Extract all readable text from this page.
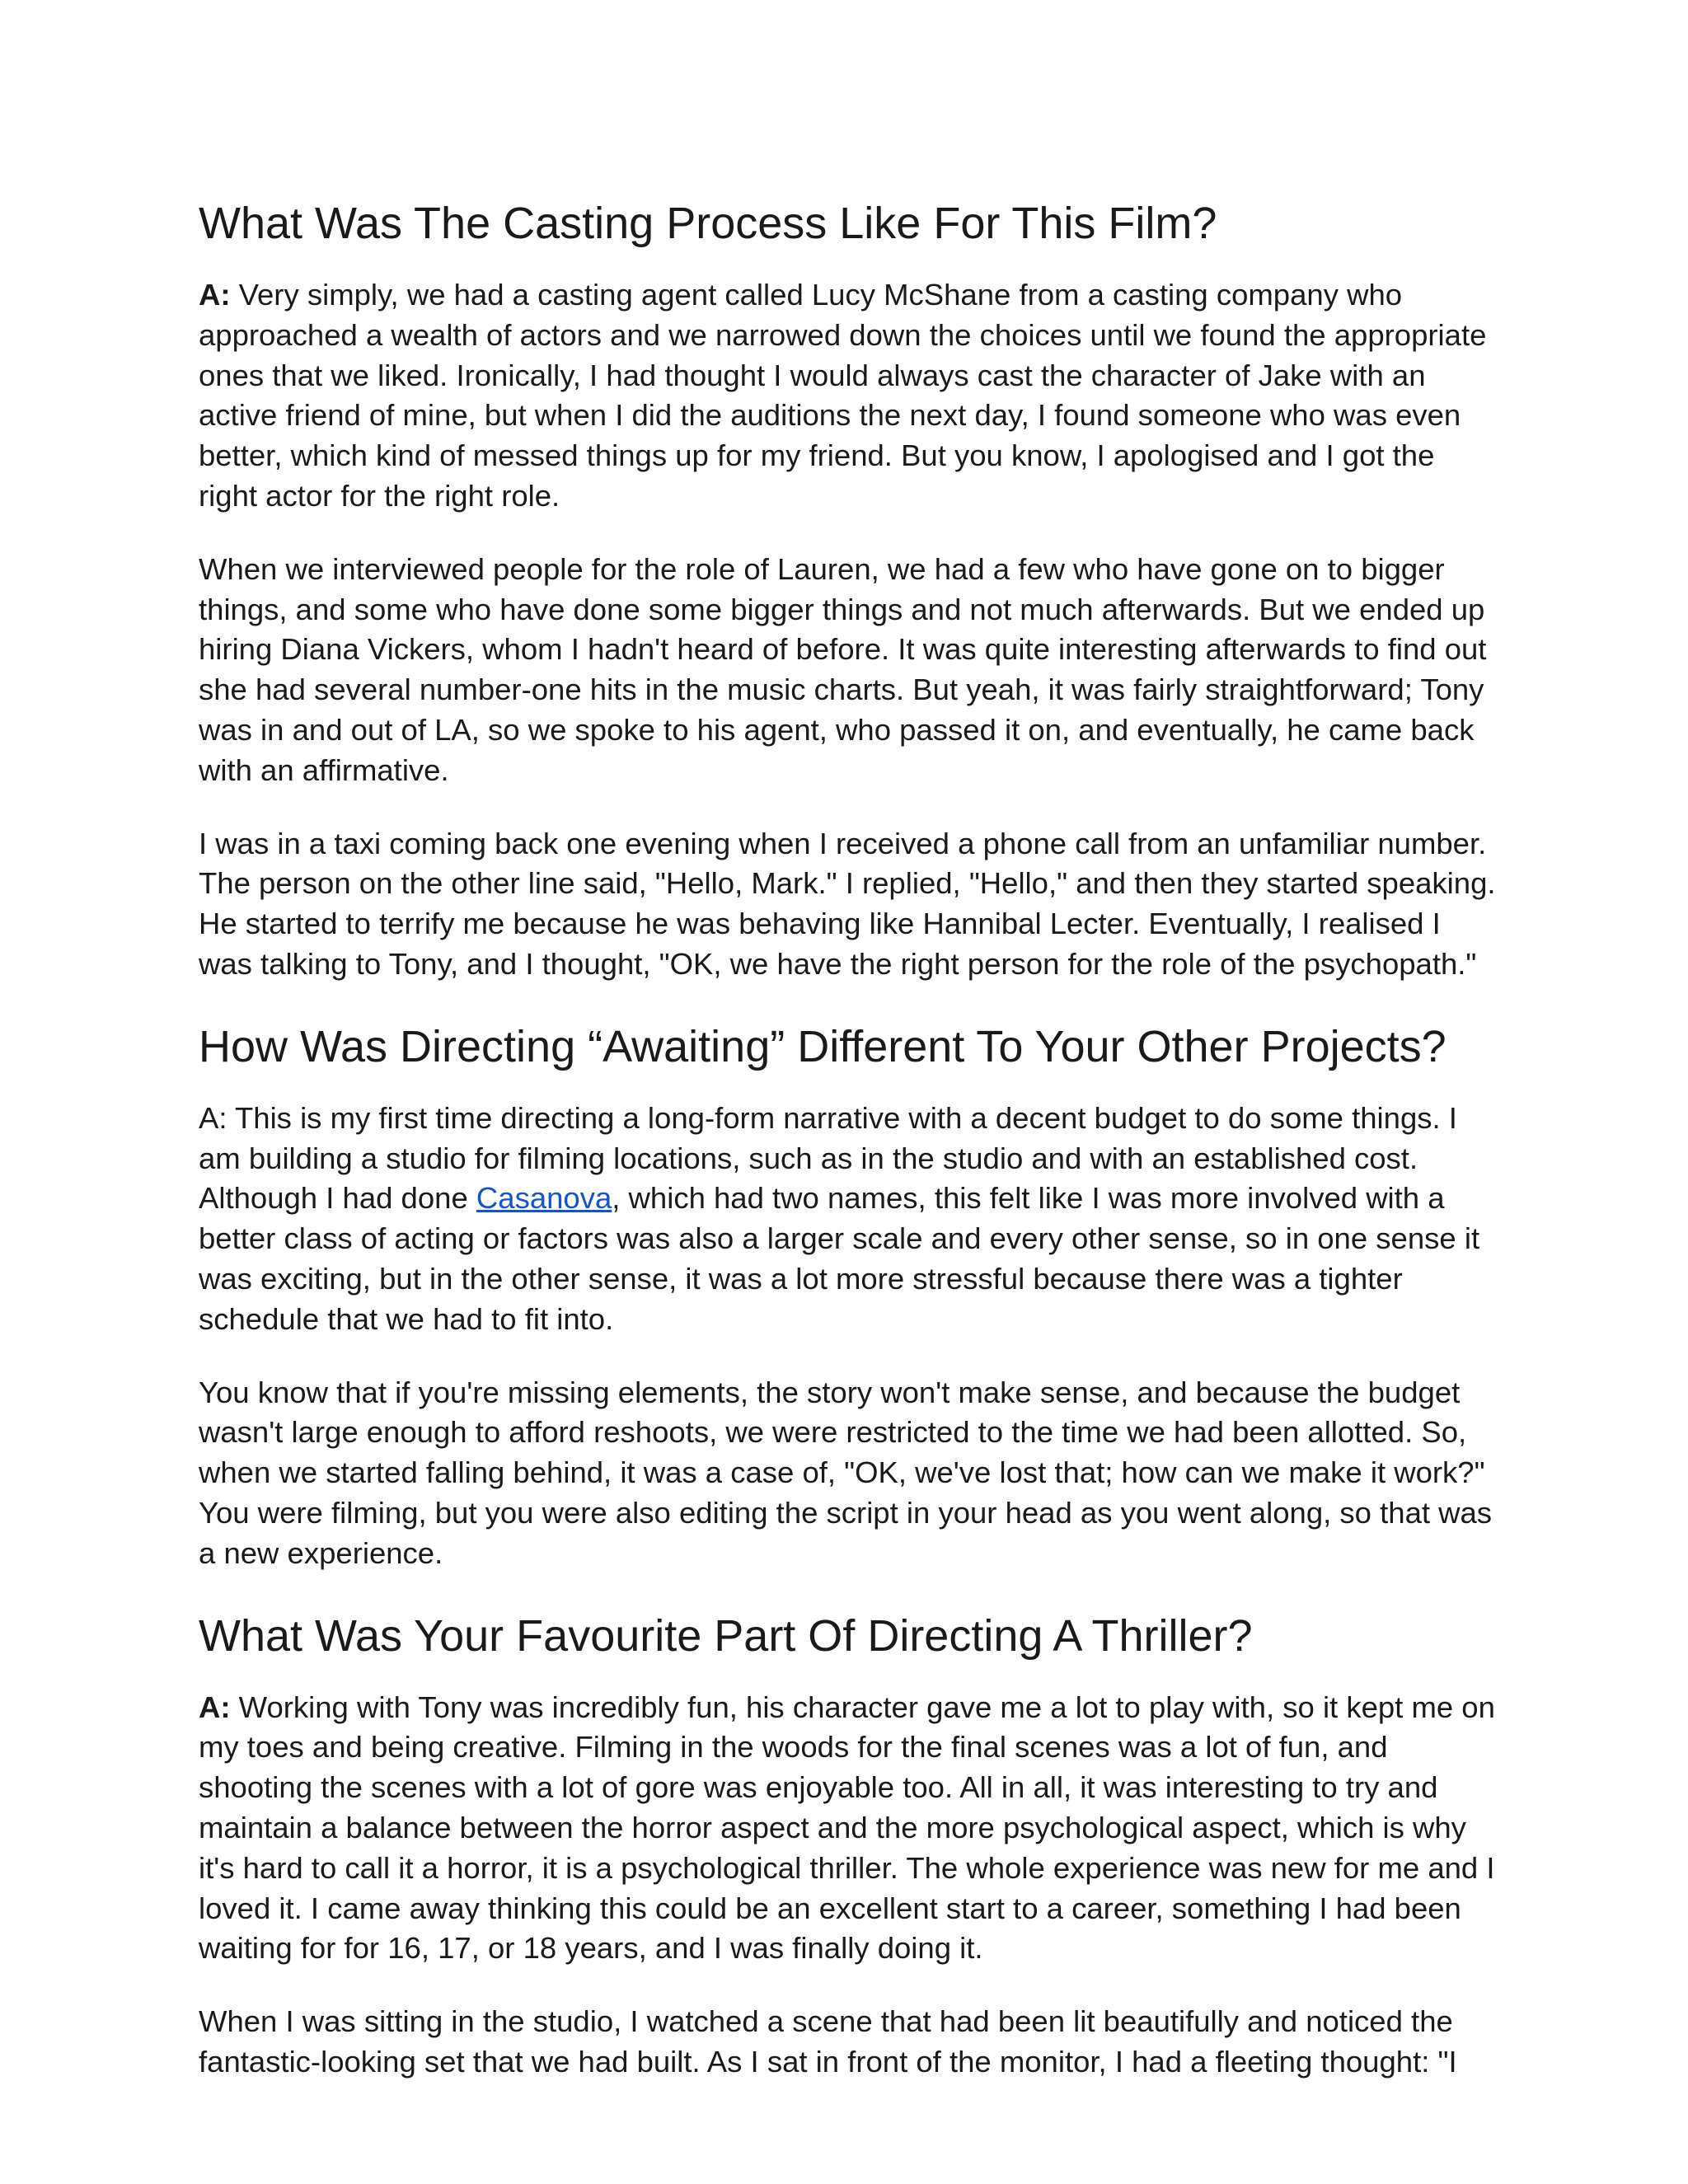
What Was The Casting Process Like For This Film?

A: Very simply, we had a casting agent called Lucy McShane from a casting company who approached a wealth of actors and we narrowed down the choices until we found the appropriate ones that we liked. Ironically, I had thought I would always cast the character of Jake with an active friend of mine, but when I did the auditions the next day, I found someone who was even better, which kind of messed things up for my friend. But you know, I apologised and I got the right actor for the right role.

When we interviewed people for the role of Lauren, we had a few who have gone on to bigger things, and some who have done some bigger things and not much afterwards. But we ended up hiring Diana Vickers, whom I hadn't heard of before. It was quite interesting afterwards to find out she had several number-one hits in the music charts. But yeah, it was fairly straightforward; Tony was in and out of LA, so we spoke to his agent, who passed it on, and eventually, he came back with an affirmative.

I was in a taxi coming back one evening when I received a phone call from an unfamiliar number. The person on the other line said, "Hello, Mark." I replied, "Hello," and then they started speaking. He started to terrify me because he was behaving like Hannibal Lecter. Eventually, I realised I was talking to Tony, and I thought, "OK, we have the right person for the role of the psychopath."

How Was Directing “Awaiting” Different To Your Other Projects?

A: This is my first time directing a long-form narrative with a decent budget to do some things. I am building a studio for filming locations, such as in the studio and with an established cost. Although I had done Casanova, which had two names, this felt like I was more involved with a better class of acting or factors was also a larger scale and every other sense, so in one sense it was exciting, but in the other sense, it was a lot more stressful because there was a tighter schedule that we had to fit into.

You know that if you're missing elements, the story won't make sense, and because the budget wasn't large enough to afford reshoots, we were restricted to the time we had been allotted. So, when we started falling behind, it was a case of, "OK, we've lost that; how can we make it work?" You were filming, but you were also editing the script in your head as you went along, so that was a new experience.

What Was Your Favourite Part Of Directing A Thriller?

A: Working with Tony was incredibly fun, his character gave me a lot to play with, so it kept me on my toes and being creative. Filming in the woods for the final scenes was a lot of fun, and shooting the scenes with a lot of gore was enjoyable too. All in all, it was interesting to try and maintain a balance between the horror aspect and the more psychological aspect, which is why it's hard to call it a horror, it is a psychological thriller. The whole experience was new for me and I loved it. I came away thinking this could be an excellent start to a career, something I had been waiting for for 16, 17, or 18 years, and I was finally doing it.

When I was sitting in the studio, I watched a scene that had been lit beautifully and noticed the fantastic-looking set that we had built. As I sat in front of the monitor, I had a fleeting thought: "I
